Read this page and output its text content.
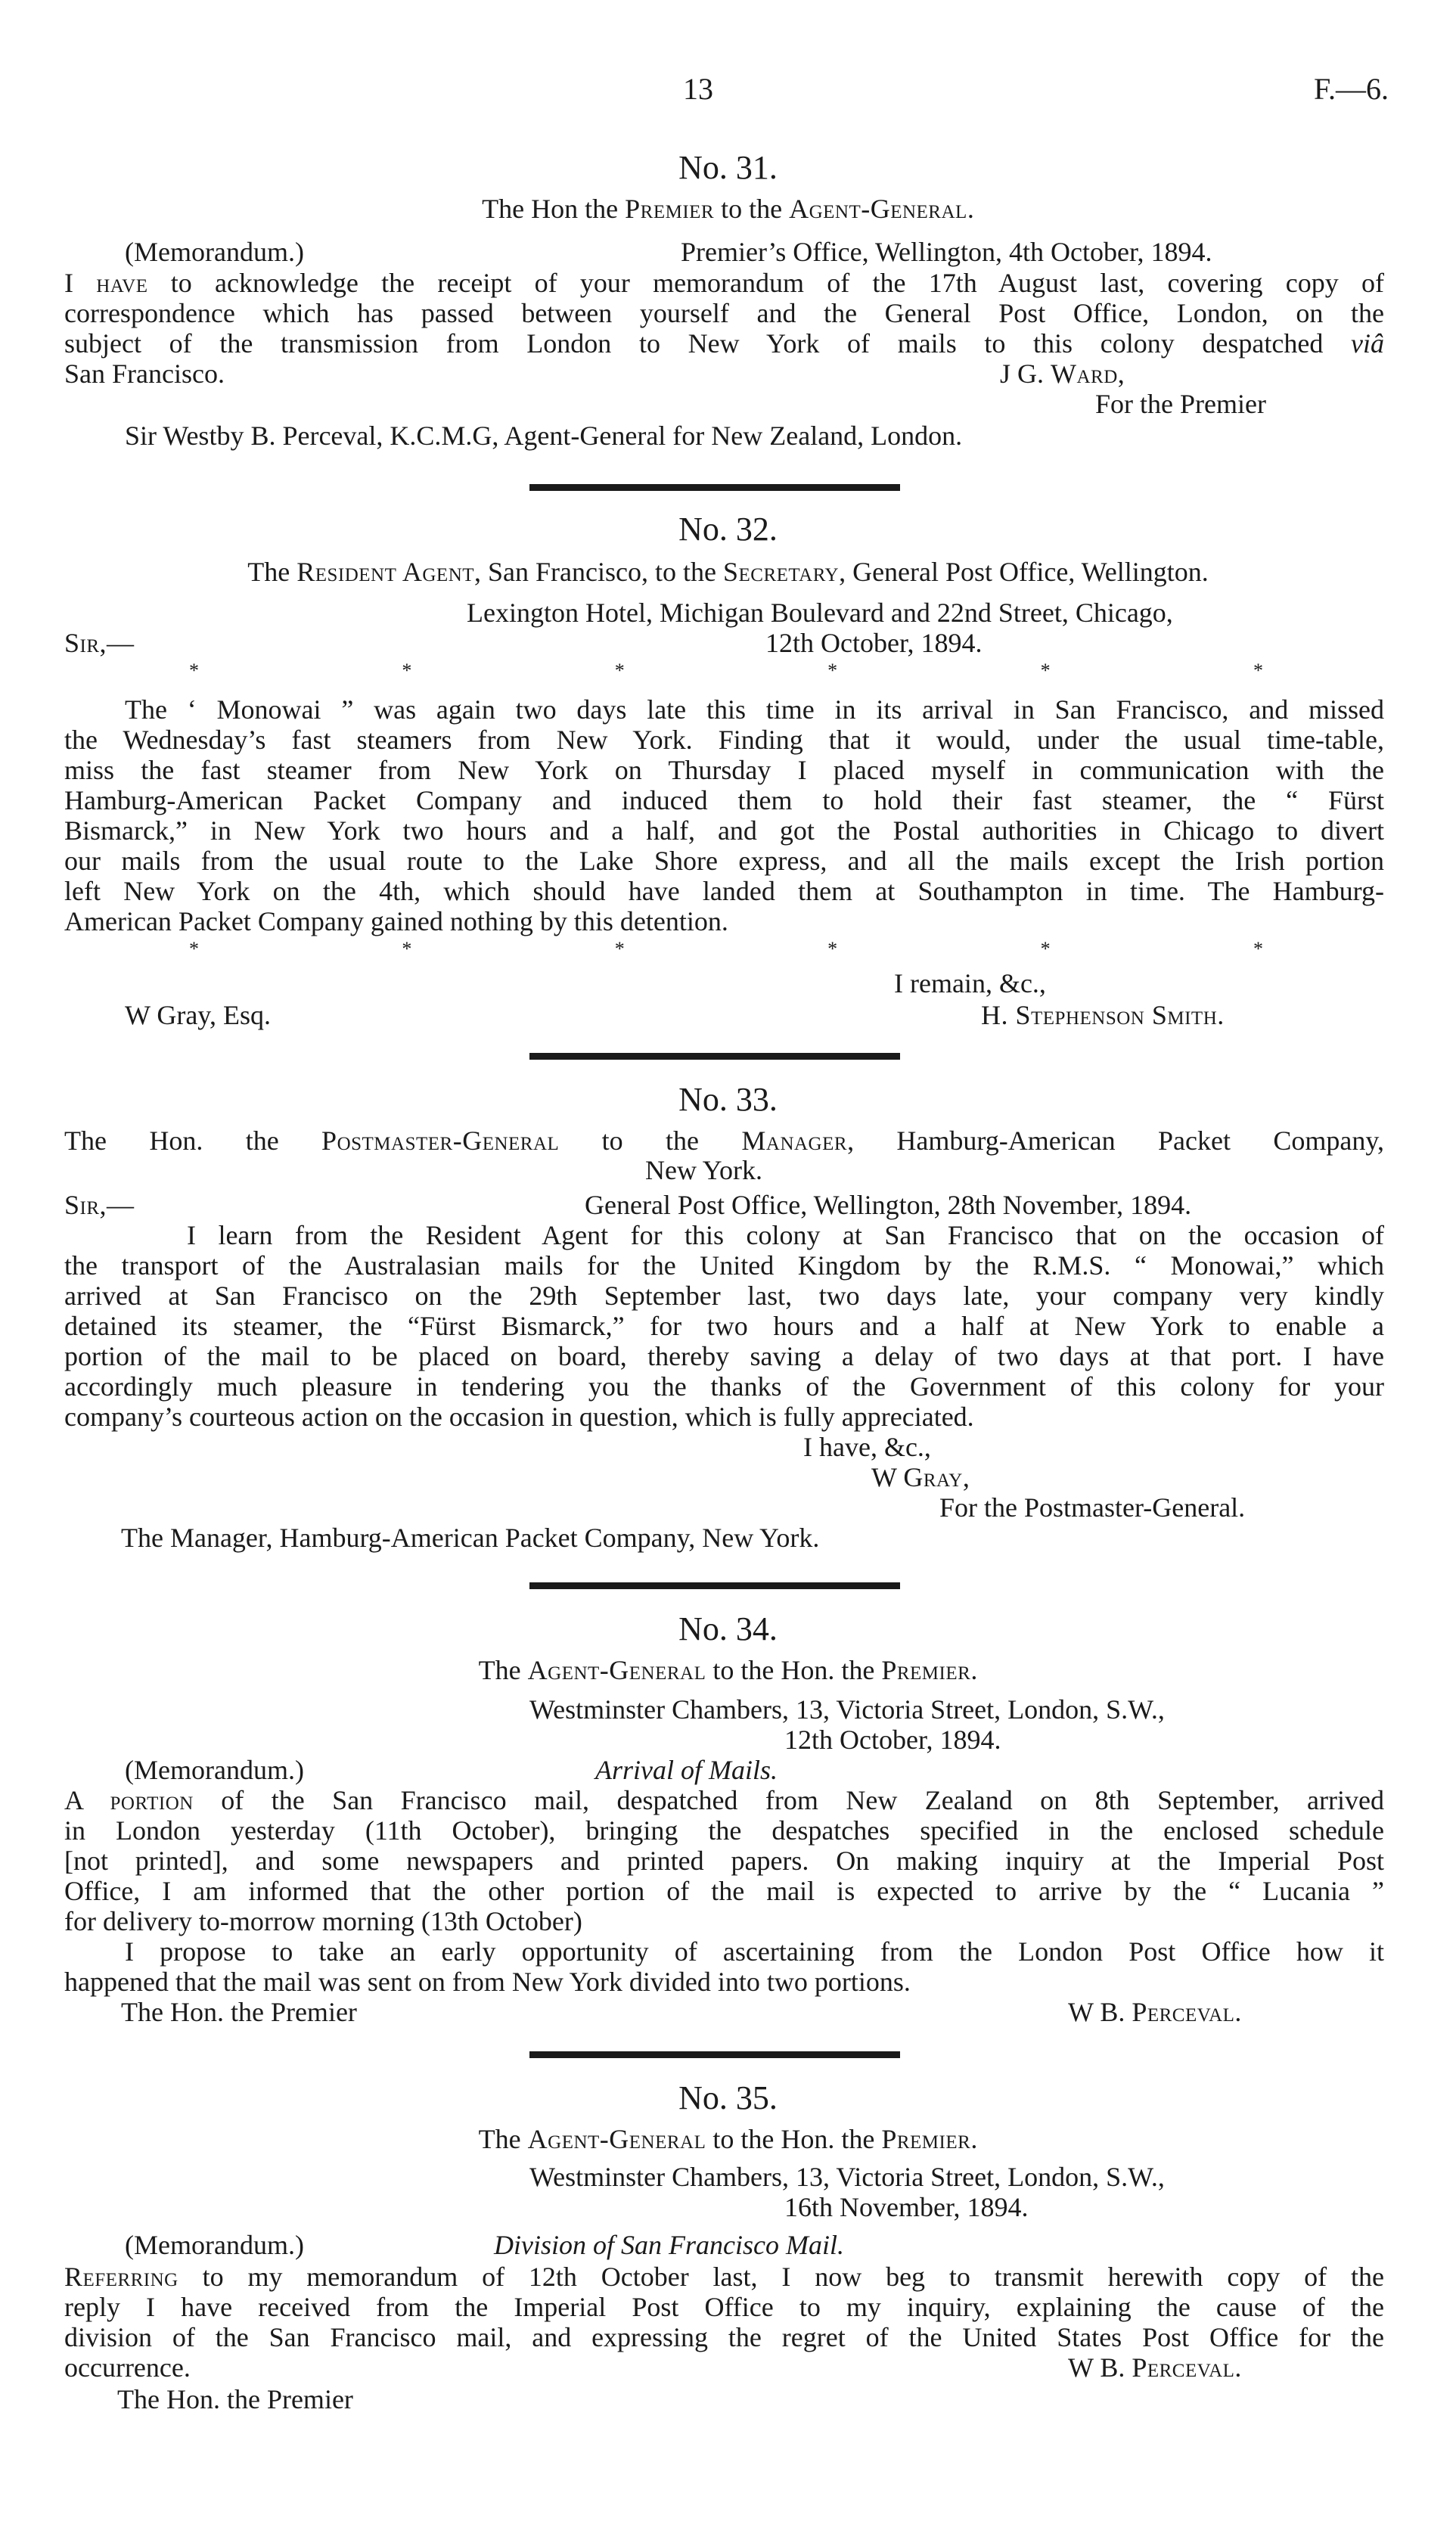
13	F.—6.
No. 31.
The Hon the Premier to the Agent-General.
(Memorandum.)	Premier’s Office, Wellington, 4th October, 1894.
I have to acknowledge the receipt of your memorandum of the 17th August last, covering copy of
correspondence which has passed between yourself and the General Post Office, London, on the
subject of the transmission from London to New York of mails to this colony despatched viâ
San Francisco.	J G. Ward,
For the Premier
Sir Westby B. Perceval, K.C.M.G, Agent-General for New Zealand, London.
No. 32.
The Resident Agent, San Francisco, to the Secretary, General Post Office, Wellington.
Lexington Hotel, Michigan Boulevard and 22nd Street, Chicago,
Sir,—	12th October, 1894.
*	*	*	*	*	*
The ‘ Monowai ” was again two days late this time in its arrival in San Francisco, and missed
the Wednesday’s fast steamers from New York. Finding that it would, under the usual time-table,
miss the fast steamer from New York on Thursday I placed myself in communication with the
Hamburg-American Packet Company and induced them to hold their fast steamer, the “ Fürst
Bismarck,” in New York two hours and a half, and got the Postal authorities in Chicago to divert
our mails from the usual route to the Lake Shore express, and all the mails except the Irish portion
left New York on the 4th, which should have landed them at Southampton in time. The Hamburg-
American Packet Company gained nothing by this detention.
*	*	*	*	*	*
I remain, &c.,
W Gray, Esq.	H. Stephenson Smith.
No. 33.
The Hon. the Postmaster-General to the Manager, Hamburg-American Packet Company,
New York.
Sir,—	General Post Office, Wellington, 28th November, 1894.
I learn from the Resident Agent for this colony at San Francisco that on the occasion of
the transport of the Australasian mails for the United Kingdom by the R.M.S. “ Monowai,” which
arrived at San Francisco on the 29th September last, two days late, your company very kindly
detained its steamer, the “Fürst Bismarck,” for two hours and a half at New York to enable a
portion of the mail to be placed on board, thereby saving a delay of two days at that port. I have
accordingly much pleasure in tendering you the thanks of the Government of this colony for your
company’s courteous action on the occasion in question, which is fully appreciated.
I have, &c.,
W Gray,
For the Postmaster-General.
The Manager, Hamburg-American Packet Company, New York.
No. 34.
The Agent-General to the Hon. the Premier.
Westminster Chambers, 13, Victoria Street, London, S.W.,
12th October, 1894.
(Memorandum.)	Arrival of Mails.
A portion of the San Francisco mail, despatched from New Zealand on 8th September, arrived
in London yesterday (11th October), bringing the despatches specified in the enclosed schedule
[not printed], and some newspapers and printed papers. On making inquiry at the Imperial Post
Office, I am informed that the other portion of the mail is expected to arrive by the “ Lucania ”
for delivery to-morrow morning (13th October)
I propose to take an early opportunity of ascertaining from the London Post Office how it
happened that the mail was sent on from New York divided into two portions.
The Hon. the Premier	W B. Perceval.
No. 35.
The Agent-General to the Hon. the Premier.
Westminster Chambers, 13, Victoria Street, London, S.W.,
16th November, 1894.
(Memorandum.)	Division of San Francisco Mail.
Referring to my memorandum of 12th October last, I now beg to transmit herewith copy of the
reply I have received from the Imperial Post Office to my inquiry, explaining the cause of the
division of the San Francisco mail, and expressing the regret of the United States Post Office for the
occurrence.	W B. Perceval.
The Hon. the Premier
